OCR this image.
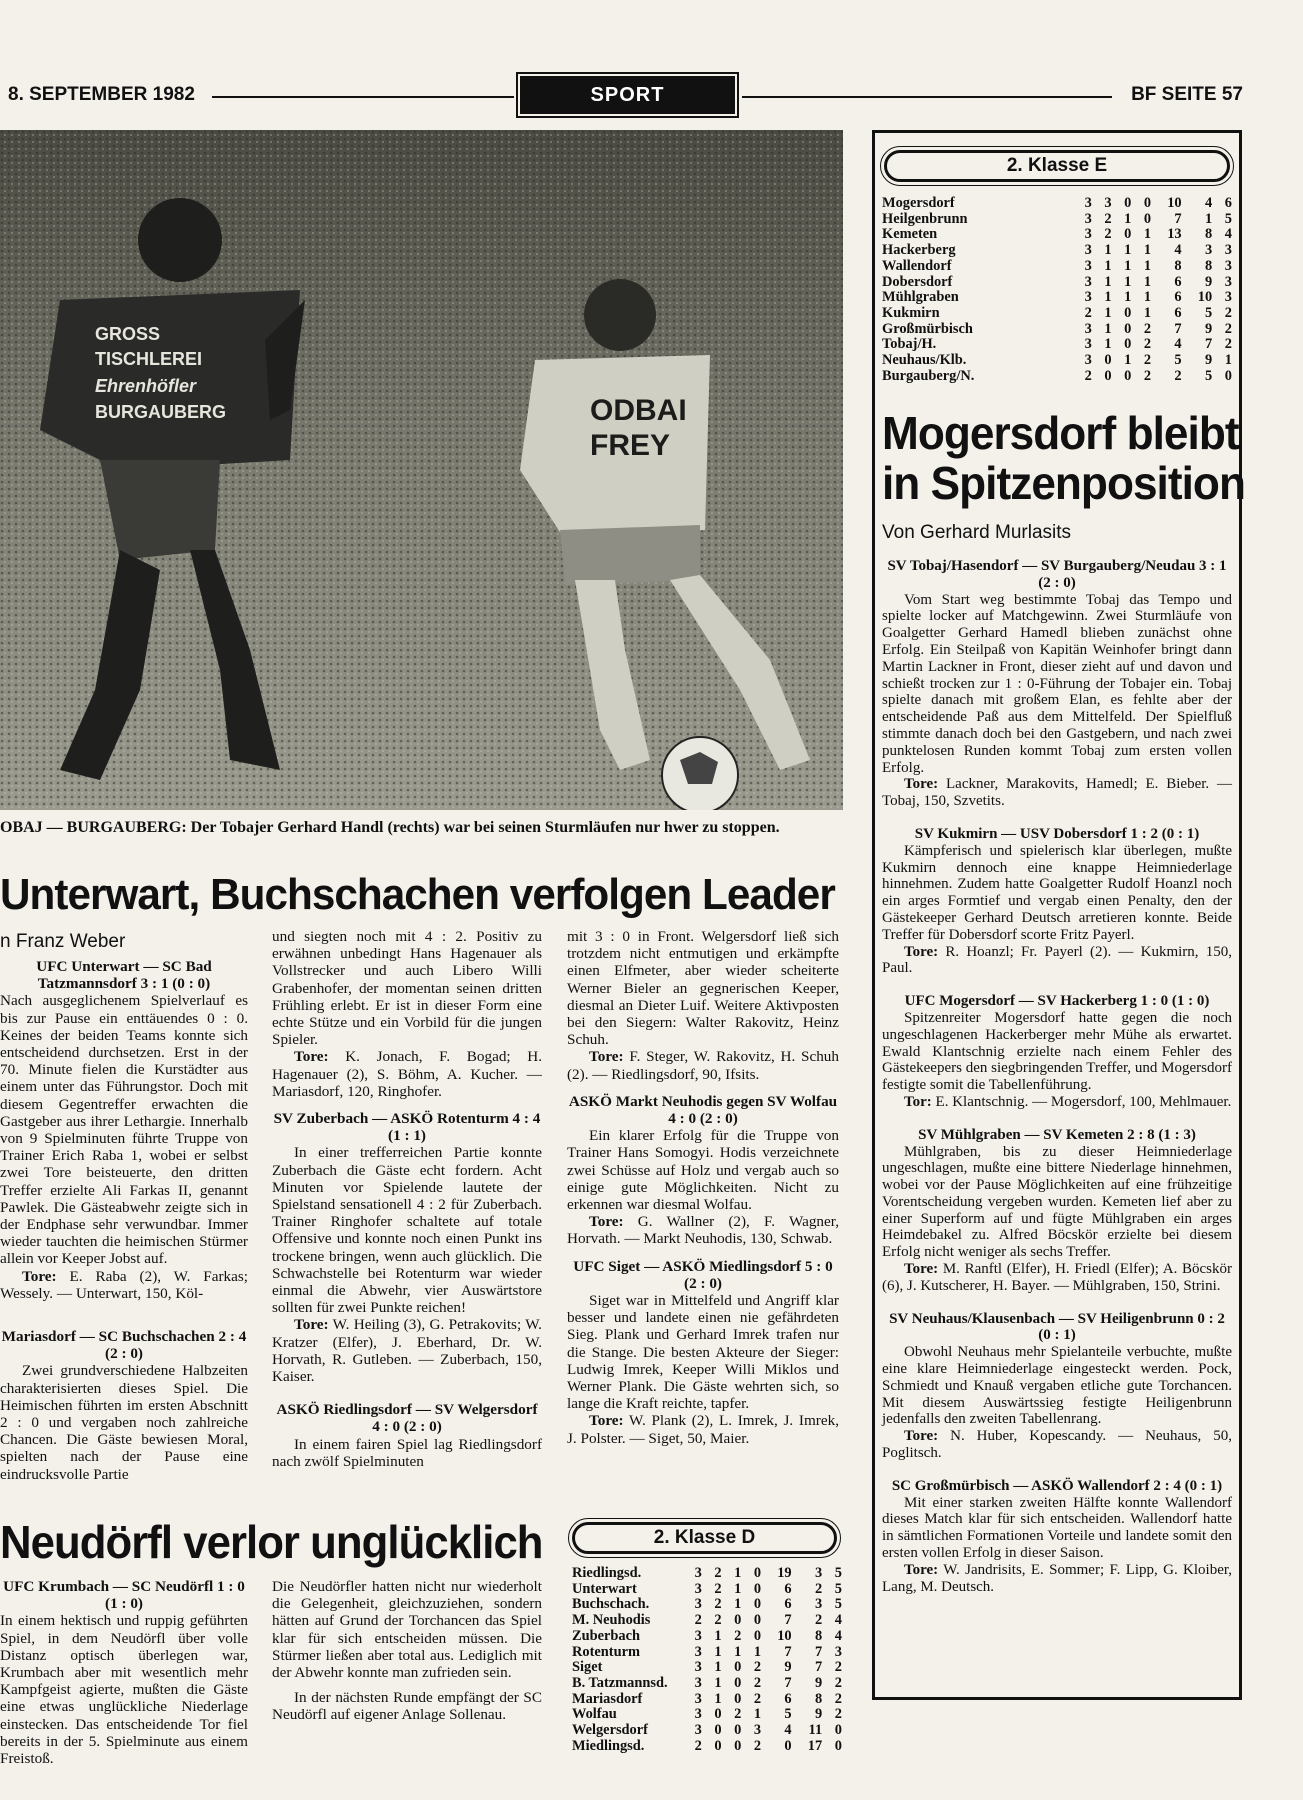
8. SEPTEMBER 1982	SPORT	BF SEITE 57
GROSS
TISCHLEREI
Ehrenhöfler
BURGAUBERG	ODBAI
FREY
OBAJ — BURGAUBERG: Der Tobajer Gerhard Handl (rechts) war bei seinen Sturmläufen nur hwer zu stoppen.
Unterwart, Buchschachen verfolgen Leader
n Franz Weber

UFC Unterwart — SC Bad Tatzmannsdorf 3 : 1 (0 : 0)

Nach ausgeglichenem Spielverlauf es bis zur Pause ein enttäuendes 0 : 0. Keines der beiden Teams konnte sich entscheidend durchsetzen. Erst in der 70. Minute fielen die Kurstädter aus einem unter das Führungstor. Doch mit diesem Gegentreffer erwachten die Gastgeber aus ihrer Lethargie. Innerhalb von 9 Spielminuten führte Truppe von Trainer Erich Raba 1, wobei er selbst zwei Tore beisteuerte, den dritten Treffer erzielte Ali Farkas II, genannt Pawlek. Die Gästeabwehr zeigte sich in der Endphase sehr verwundbar. Immer wieder tauchten die heimischen Stürmer allein vor Keeper Jobst auf.

Tore: E. Raba (2), W. Farkas; Wessely. — Unterwart, 150, Köl-

Mariasdorf — SC Buchschachen 2 : 4 (2 : 0)

Zwei grundverschiedene Halbzeiten charakterisierten dieses Spiel. Die Heimischen führten im ersten Abschnitt 2 : 0 und vergaben noch zahlreiche Chancen. Die Gäste bewiesen Moral, spielten nach der Pause eine eindrucksvolle Partie

und siegten noch mit 4 : 2. Positiv zu erwähnen unbedingt Hans Hagenauer als Vollstrecker und auch Libero Willi Grabenhofer, der momentan seinen dritten Frühling erlebt. Er ist in dieser Form eine echte Stütze und ein Vorbild für die jungen Spieler.

Tore: K. Jonach, F. Bogad; H. Hagenauer (2), S. Böhm, A. Kucher. — Mariasdorf, 120, Ringhofer.

SV Zuberbach — ASKÖ Rotenturm 4 : 4 (1 : 1)

In einer trefferreichen Partie konnte Zuberbach die Gäste echt fordern. Acht Minuten vor Spielende lautete der Spielstand sensationell 4 : 2 für Zuberbach. Trainer Ringhofer schaltete auf totale Offensive und konnte noch einen Punkt ins trockene bringen, wenn auch glücklich. Die Schwachstelle bei Rotenturm war wieder einmal die Abwehr, vier Auswärtstore sollten für zwei Punkte reichen!

Tore: W. Heiling (3), G. Petrakovits; W. Kratzer (Elfer), J. Eberhard, Dr. W. Horvath, R. Gutleben. — Zuberbach, 150, Kaiser.

ASKÖ Riedlingsdorf — SV Welgersdorf 4 : 0 (2 : 0)

In einem fairen Spiel lag Riedlingsdorf nach zwölf Spielminuten

mit 3 : 0 in Front. Welgersdorf ließ sich trotzdem nicht entmutigen und erkämpfte einen Elfmeter, aber wieder scheiterte Werner Bieler an gegnerischen Keeper, diesmal an Dieter Luif. Weitere Aktivposten bei den Siegern: Walter Rakovitz, Heinz Schuh.

Tore: F. Steger, W. Rakovitz, H. Schuh (2). — Riedlingsdorf, 90, Ifsits.

ASKÖ Markt Neuhodis gegen SV Wolfau 4 : 0 (2 : 0)

Ein klarer Erfolg für die Truppe von Trainer Hans Somogyi. Hodis verzeichnete zwei Schüsse auf Holz und vergab auch so einige gute Möglichkeiten. Nicht zu erkennen war diesmal Wolfau.

Tore: G. Wallner (2), F. Wagner, Horvath. — Markt Neuhodis, 130, Schwab.

UFC Siget — ASKÖ Miedlingsdorf 5 : 0 (2 : 0)

Siget war in Mittelfeld und Angriff klar besser und landete einen nie gefährdeten Sieg. Plank und Gerhard Imrek trafen nur die Stange. Die besten Akteure der Sieger: Ludwig Imrek, Keeper Willi Miklos und Werner Plank. Die Gäste wehrten sich, so lange die Kraft reichte, tapfer.

Tore: W. Plank (2), L. Imrek, J. Imrek, J. Polster. — Siget, 50, Maier.

Neudörfl verlor unglücklich

UFC Krumbach — SC Neudörfl 1 : 0 (1 : 0)

In einem hektisch und ruppig geführten Spiel, in dem Neudörfl über volle Distanz optisch überlegen war, Krumbach aber mit wesentlich mehr Kampfgeist agierte, mußten die Gäste eine etwas unglückliche Niederlage einstecken. Das entscheidende Tor fiel bereits in der 5. Spielminute aus einem Freistoß.

Die Neudörfler hatten nicht nur wiederholt die Gelegenheit, gleichzuziehen, sondern hätten auf Grund der Torchancen das Spiel klar für sich entscheiden müssen. Die Stürmer ließen aber total aus. Lediglich mit der Abwehr konnte man zufrieden sein.

In der nächsten Runde empfängt der SC Neudörfl auf eigener Anlage Sollenau.

2. Klasse D
Riedlingsd.	3	2	1	0	19	3	5
Unterwart	3	2	1	0	6	2	5
Buchschach.	3	2	1	0	6	3	5
M. Neuhodis	2	2	0	0	7	2	4
Zuberbach	3	1	2	0	10	8	4
Rotenturm	3	1	1	1	7	7	3
Siget	3	1	0	2	9	7	2
B. Tatzmannsd.	3	1	0	2	7	9	2
Mariasdorf	3	1	0	2	6	8	2
Wolfau	3	0	2	1	5	9	2
Welgersdorf	3	0	0	3	4	11	0
Miedlingsd.	2	0	0	2	0	17	0
2. Klasse E
Mogersdorf	3	3	0	0	10	4	6
Heilgenbrunn	3	2	1	0	7	1	5
Kemeten	3	2	0	1	13	8	4
Hackerberg	3	1	1	1	4	3	3
Wallendorf	3	1	1	1	8	8	3
Dobersdorf	3	1	1	1	6	9	3
Mühlgraben	3	1	1	1	6	10	3
Kukmirn	2	1	0	1	6	5	2
Großmürbisch	3	1	0	2	7	9	2
Tobaj/H.	3	1	0	2	4	7	2
Neuhaus/Klb.	3	0	1	2	5	9	1
Burgauberg/N.	2	0	0	2	2	5	0
Mogersdorf bleibt in Spitzenposition
Von Gerhard Murlasits

SV Tobaj/Hasendorf — SV Burgauberg/Neudau 3 : 1 (2 : 0)

Vom Start weg bestimmte Tobaj das Tempo und spielte locker auf Matchgewinn. Zwei Sturmläufe von Goalgetter Gerhard Hamedl blieben zunächst ohne Erfolg. Ein Steilpaß von Kapitän Weinhofer bringt dann Martin Lackner in Front, dieser zieht auf und davon und schießt trocken zur 1 : 0-Führung der Tobajer ein. Tobaj spielte danach mit großem Elan, es fehlte aber der entscheidende Paß aus dem Mittelfeld. Der Spielfluß stimmte danach doch bei den Gastgebern, und nach zwei punktelosen Runden kommt Tobaj zum ersten vollen Erfolg.

Tore: Lackner, Marakovits, Hamedl; E. Bieber. — Tobaj, 150, Szvetits.

SV Kukmirn — USV Dobersdorf 1 : 2 (0 : 1)

Kämpferisch und spielerisch klar überlegen, mußte Kukmirn dennoch eine knappe Heimniederlage hinnehmen. Zudem hatte Goalgetter Rudolf Hoanzl noch ein arges Formtief und vergab einen Penalty, den der Gästekeeper Gerhard Deutsch arretieren konnte. Beide Treffer für Dobersdorf scorte Fritz Payerl.

Tore: R. Hoanzl; Fr. Payerl (2). — Kukmirn, 150, Paul.

UFC Mogersdorf — SV Hackerberg 1 : 0 (1 : 0)

Spitzenreiter Mogersdorf hatte gegen die noch ungeschlagenen Hackerberger mehr Mühe als erwartet. Ewald Klantschnig erzielte nach einem Fehler des Gästekeepers den siegbringenden Treffer, und Mogersdorf festigte somit die Tabellenführung.

Tor: E. Klantschnig. — Mogersdorf, 100, Mehlmauer.

SV Mühlgraben — SV Kemeten 2 : 8 (1 : 3)

Mühlgraben, bis zu dieser Heimniederlage ungeschlagen, mußte eine bittere Niederlage hinnehmen, wobei vor der Pause Möglichkeiten auf eine frühzeitige Vorentscheidung vergeben wurden. Kemeten lief aber zu einer Superform auf und fügte Mühlgraben ein arges Heimdebakel zu. Alfred Böcskör erzielte bei diesem Erfolg nicht weniger als sechs Treffer.

Tore: M. Ranftl (Elfer), H. Friedl (Elfer); A. Böcskör (6), J. Kutscherer, H. Bayer. — Mühlgraben, 150, Strini.

SV Neuhaus/Klausenbach — SV Heiligenbrunn 0 : 2 (0 : 1)

Obwohl Neuhaus mehr Spielanteile verbuchte, mußte eine klare Heimniederlage eingesteckt werden. Pock, Schmiedt und Knauß vergaben etliche gute Torchancen. Mit diesem Auswärtssieg festigte Heiligenbrunn jedenfalls den zweiten Tabellenrang.

Tore: N. Huber, Kopescandy. — Neuhaus, 50, Poglitsch.

SC Großmürbisch — ASKÖ Wallendorf 2 : 4 (0 : 1)

Mit einer starken zweiten Hälfte konnte Wallendorf dieses Match klar für sich entscheiden. Wallendorf hatte in sämtlichen Formationen Vorteile und landete somit den ersten vollen Erfolg in dieser Saison.

Tore: W. Jandrisits, E. Sommer; F. Lipp, G. Kloiber, Lang, M. Deutsch.
